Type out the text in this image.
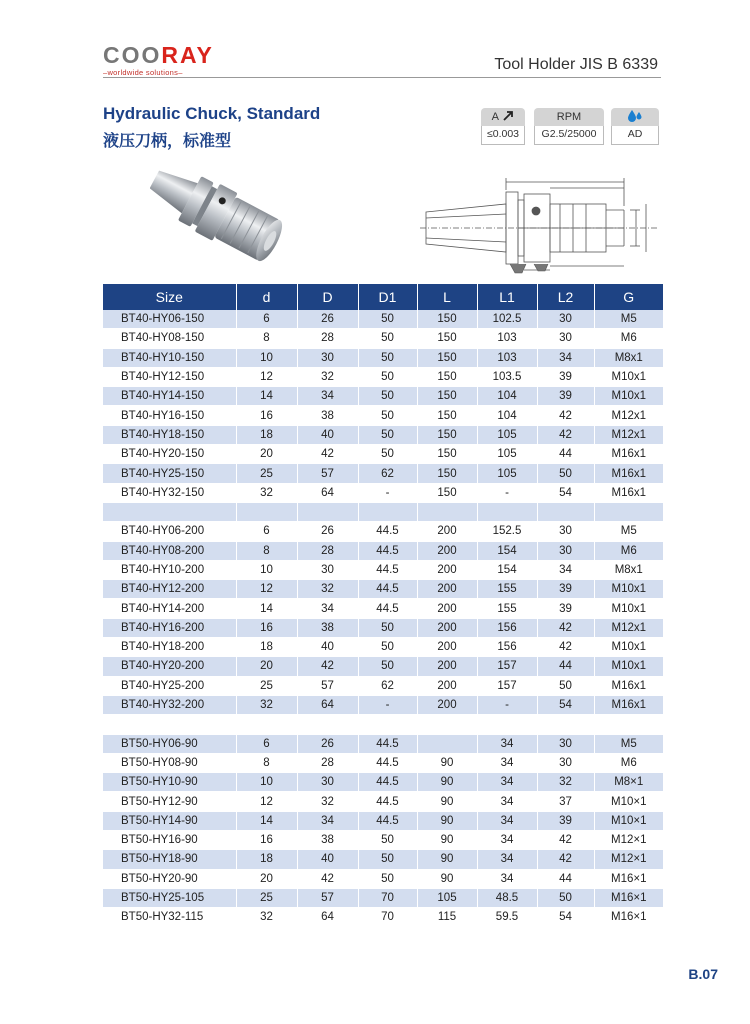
COORAY
–worldwide solutions–	Tool Holder JIS B 6339
Hydraulic Chuck, Standard
液压刀柄，标准型
A
≤0.003
RPM
G2.5/25000	AD
Size	d	D	D1	L	L1	L2	G
BT40-HY06-150	6	26	50	150	102.5	30	M5
BT40-HY08-150	8	28	50	150	103	30	M6
BT40-HY10-150	10	30	50	150	103	34	M8x1
BT40-HY12-150	12	32	50	150	103.5	39	M10x1
BT40-HY14-150	14	34	50	150	104	39	M10x1
BT40-HY16-150	16	38	50	150	104	42	M12x1
BT40-HY18-150	18	40	50	150	105	42	M12x1
BT40-HY20-150	20	42	50	150	105	44	M16x1
BT40-HY25-150	25	57	62	150	105	50	M16x1
BT40-HY32-150	32	64	-	150	-	54	M16x1

BT40-HY06-200	6	26	44.5	200	152.5	30	M5
BT40-HY08-200	8	28	44.5	200	154	30	M6
BT40-HY10-200	10	30	44.5	200	154	34	M8x1
BT40-HY12-200	12	32	44.5	200	155	39	M10x1
BT40-HY14-200	14	34	44.5	200	155	39	M10x1
BT40-HY16-200	16	38	50	200	156	42	M12x1
BT40-HY18-200	18	40	50	200	156	42	M10x1
BT40-HY20-200	20	42	50	200	157	44	M10x1
BT40-HY25-200	25	57	62	200	157	50	M16x1
BT40-HY32-200	32	64	-	200	-	54	M16x1

BT50-HY06-90	6	26	44.5		34	30	M5
BT50-HY08-90	8	28	44.5	90	34	30	M6
BT50-HY10-90	10	30	44.5	90	34	32	M8×1
BT50-HY12-90	12	32	44.5	90	34	37	M10×1
BT50-HY14-90	14	34	44.5	90	34	39	M10×1
BT50-HY16-90	16	38	50	90	34	42	M12×1
BT50-HY18-90	18	40	50	90	34	42	M12×1
BT50-HY20-90	20	42	50	90	34	44	M16×1
BT50-HY25-105	25	57	70	105	48.5	50	M16×1
BT50-HY32-115	32	64	70	115	59.5	54	M16×1
B.07
